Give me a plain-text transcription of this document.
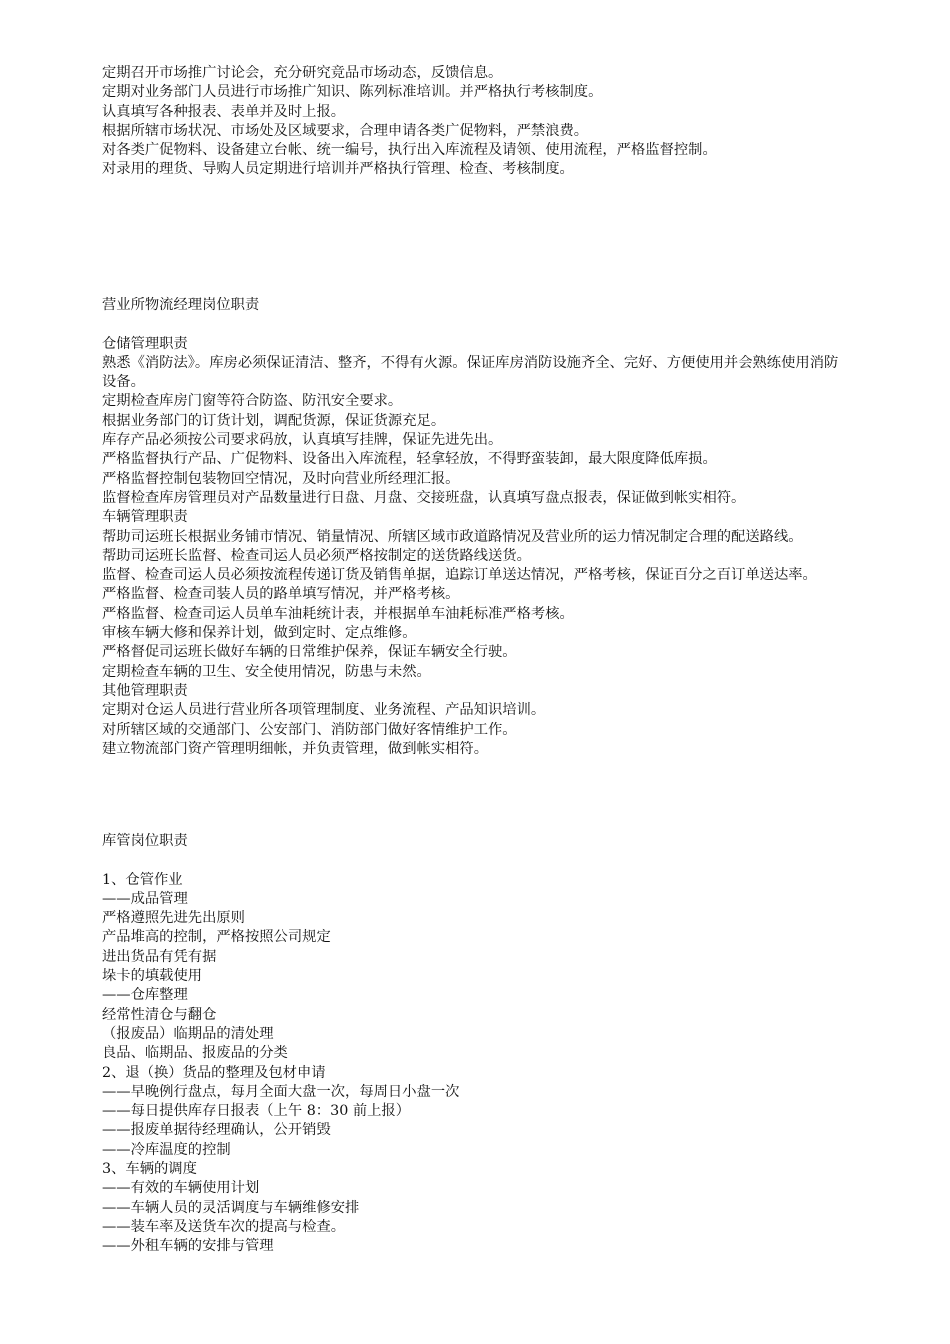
定期召开市场推广讨论会，充分研究竞品市场动态，反馈信息。
定期对业务部门人员进行市场推广知识、陈列标准培训。并严格执行考核制度。
认真填写各种报表、表单并及时上报。
根据所辖市场状况、市场处及区域要求，合理申请各类广促物料，严禁浪费。
对各类广促物料、设备建立台帐、统一编号，执行出入库流程及请领、使用流程，严格监督控制。
对录用的理货、导购人员定期进行培训并严格执行管理、检查、考核制度。
营业所物流经理岗位职责
仓储管理职责
熟悉《消防法》。库房必须保证清洁、整齐，不得有火源。保证库房消防设施齐全、完好、方便使用并会熟练使用消防设备。
定期检查库房门窗等符合防盗、防汛安全要求。
根据业务部门的订货计划，调配货源，保证货源充足。
库存产品必须按公司要求码放，认真填写挂牌，保证先进先出。
严格监督执行产品、广促物料、设备出入库流程，轻拿轻放，不得野蛮装卸，最大限度降低库损。
严格监督控制包装物回空情况，及时向营业所经理汇报。
监督检查库房管理员对产品数量进行日盘、月盘、交接班盘，认真填写盘点报表，保证做到帐实相符。
车辆管理职责
帮助司运班长根据业务铺市情况、销量情况、所辖区域市政道路情况及营业所的运力情况制定合理的配送路线。
帮助司运班长监督、检查司运人员必须严格按制定的送货路线送货。
监督、检查司运人员必须按流程传递订货及销售单据，追踪订单送达情况，严格考核，保证百分之百订单送达率。
严格监督、检查司装人员的路单填写情况，并严格考核。
严格监督、检查司运人员单车油耗统计表，并根据单车油耗标准严格考核。
审核车辆大修和保养计划，做到定时、定点维修。
严格督促司运班长做好车辆的日常维护保养，保证车辆安全行驶。
定期检查车辆的卫生、安全使用情况，防患与未然。
其他管理职责
定期对仓运人员进行营业所各项管理制度、业务流程、产品知识培训。
对所辖区域的交通部门、公安部门、消防部门做好客情维护工作。
建立物流部门资产管理明细帐，并负责管理，做到帐实相符。
库管岗位职责
1、仓管作业
——成品管理
严格遵照先进先出原则
产品堆高的控制，严格按照公司规定
进出货品有凭有据
垛卡的填载使用
——仓库整理
经常性清仓与翻仓
（报废品）临期品的清处理
良品、临期品、报废品的分类
2、退（换）货品的整理及包材申请
——早晚例行盘点，每月全面大盘一次，每周日小盘一次
——每日提供库存日报表（上午 8：30 前上报）
——报废单据待经理确认，公开销毁
——冷库温度的控制
3、车辆的调度
——有效的车辆使用计划
——车辆人员的灵活调度与车辆维修安排
——装车率及送货车次的提高与检查。
——外租车辆的安排与管理
